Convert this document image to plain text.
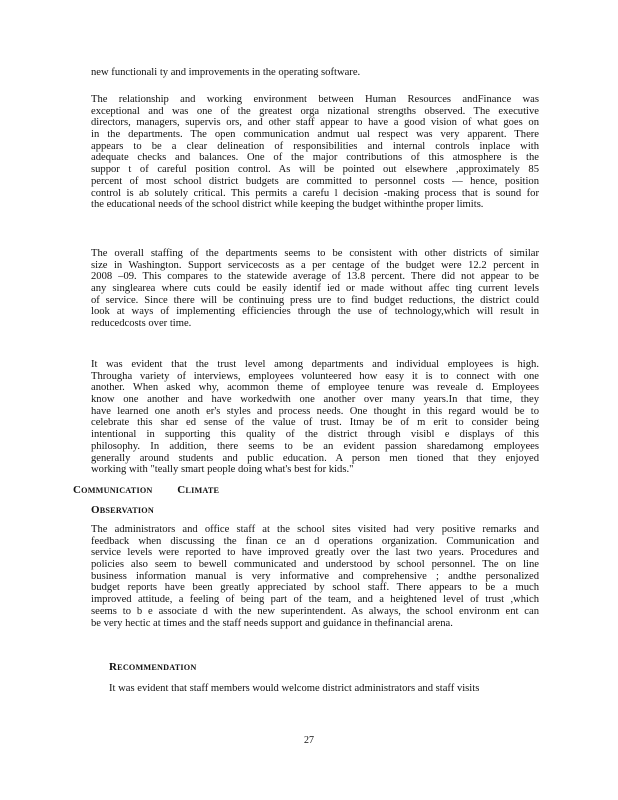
new functionali ty and improvements in the operating software.
The relationship and working environment between Human Resources andFinance was
exceptional and was one of the greatest orga nizational strengths observed. The executive
directors, managers, supervis ors, and other staff appear to have a good vision of what goes on
in the departments. The open communication andmut ual respect was very apparent. There
appears to be a clear delineation of responsibilities and internal controls inplace with
adequate checks and balances. One of the major contributions of this atmosphere is the
suppor t of careful position control. As will be pointed out elsewhere ,approximately 85
percent of most school district budgets are committed to personnel costs — hence, position
control is ab solutely critical. This permits a carefu l decision -making process that is sound for
the educational needs of the school district while keeping the budget withinthe proper limits.
The overall staffing of the departments seems to be consistent with other districts of similar
size in Washington. Support servicecosts as a per centage of the budget were 12.2 percent in
2008 –09. This compares to the statewide average of 13.8 percent. There did not appear to be
any singlearea where cuts could be easily identif ied or made without affec ting current levels
of service. Since there will be continuing press ure to find budget reductions, the district could
look at ways of implementing efficiencies through the use of technology,which will result in
reducedcosts over time.
It was evident that the trust level among departments and individual employees is high.
Througha variety of interviews, employees volunteered how easy it is to connect with one
another. When asked why, acommon theme of employee tenure was reveale d. Employees
know one another and have workedwith one another over many years.In that time, they
have learned one anoth er's styles and process needs. One thought in this regard would be to
celebrate this shar ed sense of the value of trust. Itmay be of m erit to consider being
intentional in supporting this quality of the district through visibl e displays of this
philosophy. In addition, there seems to be an evident passion sharedamong employees
generally around students and public education. A person men tioned that they enjoyed
working with "teally smart people doing what's best for kids."

COMMUNICATION CLIMATE

OBSERVATION

The administrators and office staff at the school sites visited had very positive remarks and
feedback when discussing the finan ce an d operations organization. Communication and
service levels were reported to have improved greatly over the last two years. Procedures and
policies also seem to bewell communicated and understood by school personnel. The on line
business information manual is very informative and comprehensive ; andthe personalized
budget reports have been greatly appreciated by school staff. There appears to be a much
improved attitude, a feeling of being part of the team, and a heightened level of trust ,which
seems to b e associate d with the new superintendent. As always, the school environm ent can
be very hectic at times and the staff needs support and guidance in thefinancial arena.

RECOMMENDATION

It was evident that staff members would welcome district administrators and staff visits
27
